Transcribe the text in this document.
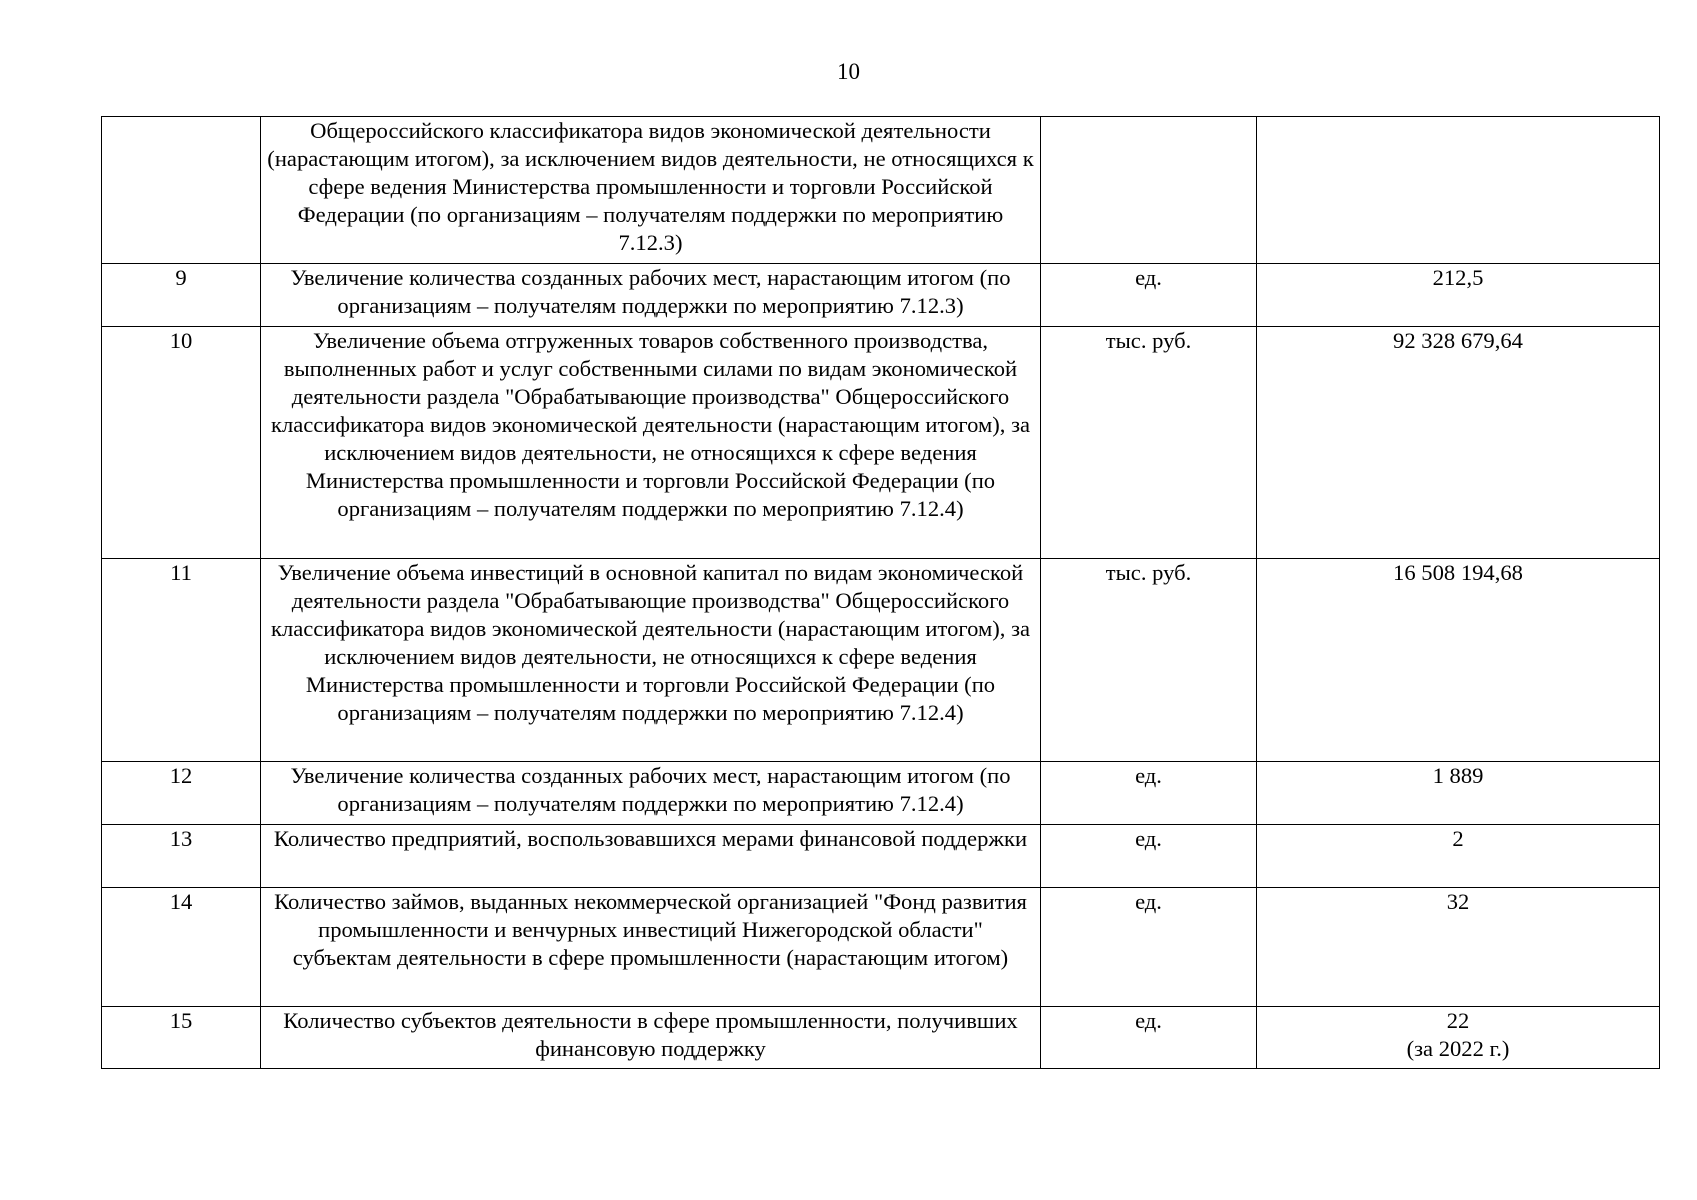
10
	Общероссийского классификатора видов экономической деятельности (нарастающим итогом), за исключением видов деятельности, не относящихся к сфере ведения Министерства промышленности и торговли Российской Федерации (по организациям – получателям поддержки по мероприятию 7.12.3)		

9	Увеличение количества созданных рабочих мест, нарастающим итогом (по организациям – получателям поддержки по мероприятию 7.12.3)	ед.	212,5

10	Увеличение объема отгруженных товаров собственного производства, выполненных работ и услуг собственными силами по видам экономической деятельности раздела "Обрабатывающие производства" Общероссийского классификатора видов экономической деятельности (нарастающим итогом), за исключением видов деятельности, не относящихся к сфере ведения Министерства промышленности и торговли Российской Федерации (по организациям – получателям поддержки по мероприятию 7.12.4)	тыс. руб.	92 328 679,64

11	Увеличение объема инвестиций в основной капитал по видам экономической деятельности раздела "Обрабатывающие производства" Общероссийского классификатора видов экономической деятельности (нарастающим итогом), за исключением видов деятельности, не относящихся к сфере ведения Министерства промышленности и торговли Российской Федерации (по организациям – получателям поддержки по мероприятию 7.12.4)	тыс. руб.	16 508 194,68

12	Увеличение количества созданных рабочих мест, нарастающим итогом (по организациям – получателям поддержки по мероприятию 7.12.4)	ед.	1 889

13	Количество предприятий, воспользовавшихся мерами финансовой поддержки	ед.	2

14	Количество займов, выданных некоммерческой организацией "Фонд развития промышленности и венчурных инвестиций Нижегородской области" субъектам деятельности в сфере промышленности (нарастающим итогом)	ед.	32

15	Количество субъектов деятельности в сфере промышленности, получивших финансовую поддержку	ед.	22
(за 2022 г.)
